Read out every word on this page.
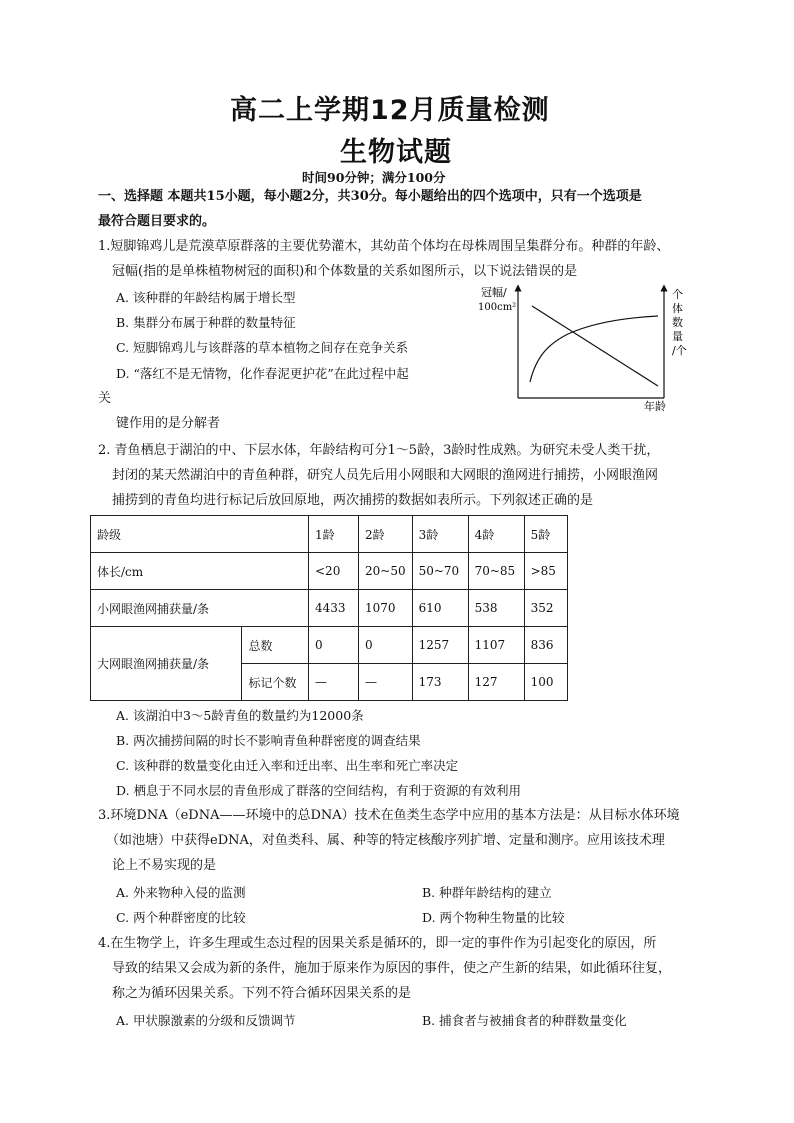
高二上学期12月质量检测
生物试题
时间90分钟；满分100分
一、选择题 本题共15小题，每小题2分，共30分。每小题给出的四个选项中，只有一个选项是
最符合题目要求的。
1.短脚锦鸡儿是荒漠草原群落的主要优势灌木，其幼苗个体均在母株周围呈集群分布。种群的年龄、
冠幅(指的是单株植物树冠的面积)和个体数量的关系如图所示，以下说法错误的是
A. 该种群的年龄结构属于增长型
B. 集群分布属于种群的数量特征
C. 短脚锦鸡儿与该群落的草本植物之间存在竞争关系
D. “落红不是无情物，化作春泥更护花”在此过程中起
关
键作用的是分解者
冠幅/
100cm²
个
体
数
量
/个
年龄
2. 青鱼栖息于湖泊的中、下层水体，年龄结构可分1～5龄，3龄时性成熟。为研究未受人类干扰，
封闭的某天然湖泊中的青鱼种群，研究人员先后用小网眼和大网眼的渔网进行捕捞，小网眼渔网
捕捞到的青鱼均进行标记后放回原地，两次捕捞的数据如表所示。下列叙述正确的是
龄级		1龄	2龄	3龄	4龄	5龄
体长/cm		<20	20~50	50~70	70~85	>85
小网眼渔网捕获量/条		4433	1070	610	538	352
大网眼渔网捕获量/条	总数	0	0	1257	1107	836
	标记个数	—	—	173	127	100
A. 该湖泊中3～5龄青鱼的数量约为12000条
B. 两次捕捞间隔的时长不影响青鱼种群密度的调查结果
C. 该种群的数量变化由迁入率和迁出率、出生率和死亡率决定
D. 栖息于不同水层的青鱼形成了群落的空间结构，有利于资源的有效利用
3.环境DNA（eDNA——环境中的总DNA）技术在鱼类生态学中应用的基本方法是：从目标水体环境
（如池塘）中获得eDNA，对鱼类科、属、种等的特定核酸序列扩增、定量和测序。应用该技术理
论上不易实现的是
A. 外来物种入侵的监测	B. 种群年龄结构的建立
C. 两个种群密度的比较	D. 两个物种生物量的比较
4.在生物学上，许多生理或生态过程的因果关系是循环的，即一定的事件作为引起变化的原因，所
导致的结果又会成为新的条件，施加于原来作为原因的事件，使之产生新的结果，如此循环往复，
称之为循环因果关系。下列不符合循环因果关系的是
A. 甲状腺激素的分级和反馈调节	B. 捕食者与被捕食者的种群数量变化
